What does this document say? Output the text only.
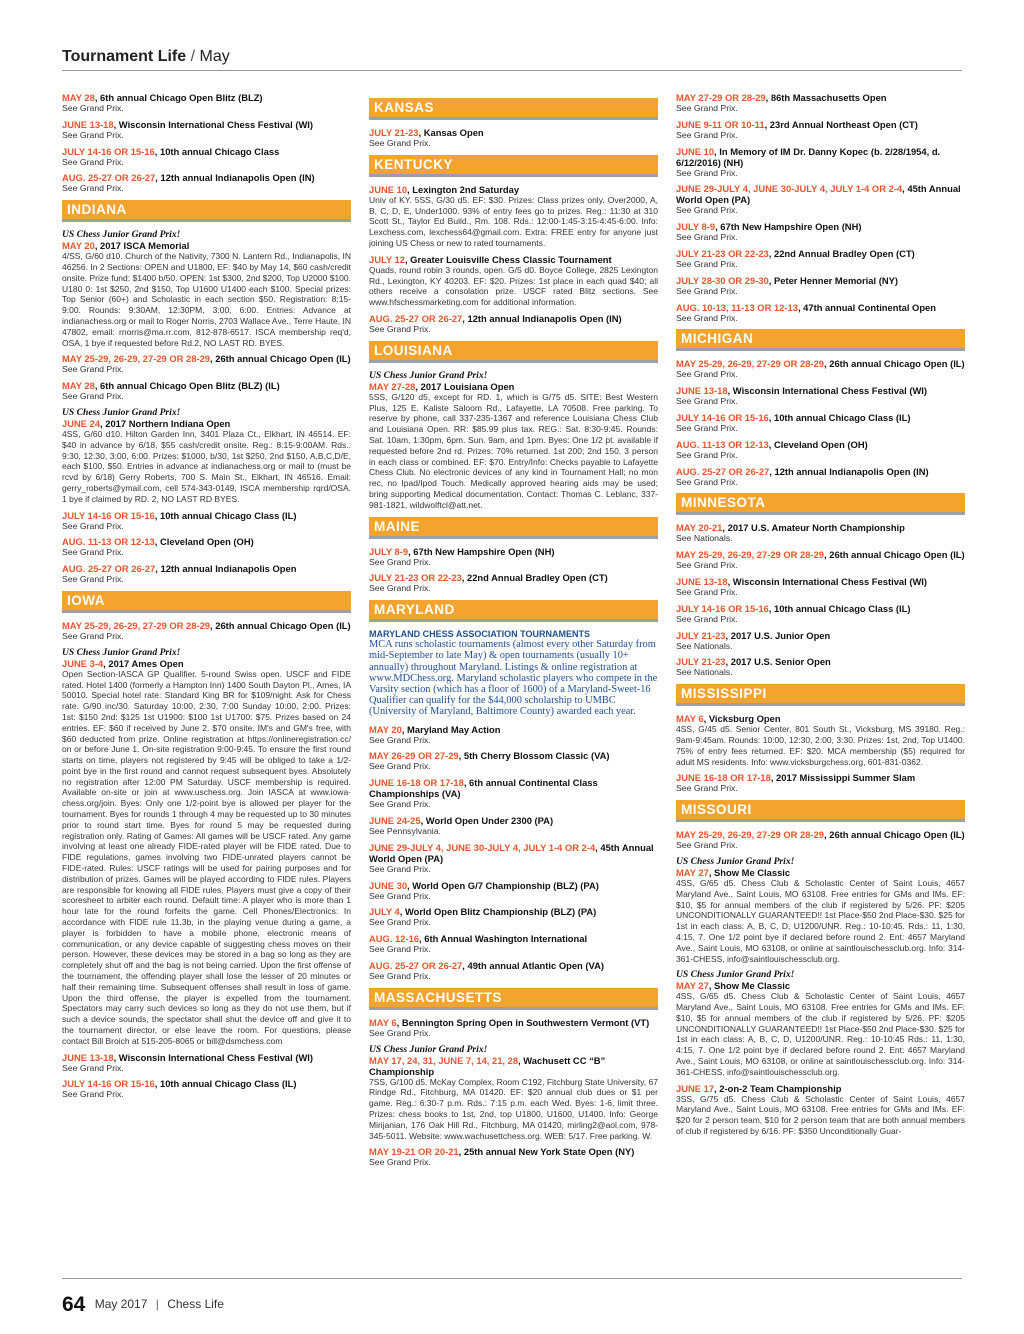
Tournament Life / May
MAY 28, 6th annual Chicago Open Blitz (BLZ)
See Grand Prix.
JUNE 13-18, Wisconsin International Chess Festival (WI)
See Grand Prix.
JULY 14-16 OR 15-16, 10th annual Chicago Class
See Grand Prix.
AUG. 25-27 OR 26-27, 12th annual Indianapolis Open (IN)
See Grand Prix.
INDIANA
US Chess Junior Grand Prix!
MAY 20, 2017 ISCA Memorial
4/SS, G/60 d10. Church of the Nativity, 7300 N. Lantern Rd., Indianapolis, IN 46256. In 2 Sections: OPEN and U1800, EF: $40 by May 14, $60 cash/credit onsite. Prize fund: $1400 b/50. OPEN: 1st $300, 2nd $200, Top U2000 $100. U180 0: 1st $250, 2nd $150, Top U1600 U1400 each $100. Special prizes: Top Senior (60+) and Scholastic in each section $50. Registration: 8:15-9:00. Rounds: 9:30AM, 12:30PM, 3:00, 6:00. Entries: Advance at indianachess.org or mail to Roger Norris, 2703 Wallace Ave., Terre Haute, IN 47802, email: rnorris@ma.rr.com, 812-878-6517. ISCA membership req'd, OSA, 1 bye if requested before Rd.2, NO LAST RD. BYES.
MAY 25-29, 26-29, 27-29 OR 28-29, 26th annual Chicago Open (IL)
See Grand Prix.
MAY 28, 6th annual Chicago Open Blitz (BLZ) (IL)
See Grand Prix.
US Chess Junior Grand Prix!
JUNE 24, 2017 Northern Indiana Open
4SS, G/60 d10. Hilton Garden Inn, 3401 Plaza Ct., Elkhart, IN 46514. EF: $40 in advance by 6/18, $55 cash/credit onsite. Reg.: 8:15-9:00AM. Rds.: 9:30, 12:30, 3:00, 6:00. Prizes: $1000, b/30, 1st $250, 2nd $150, A,B,C,D/E, each $100, $50. Entries in advance at indianachess.org or mail to (must be rcvd by 6/18) Gerry Roberts, 700 S. Main St., Elkhart, IN 46516. Email: gerry_roberts@ymail.com, cell 574-343-0149, ISCA membership rqrd/OSA. 1 bye if claimed by RD. 2, NO LAST RD BYES.
JULY 14-16 OR 15-16, 10th annual Chicago Class (IL)
See Grand Prix.
AUG. 11-13 OR 12-13, Cleveland Open (OH)
See Grand Prix.
AUG. 25-27 OR 26-27, 12th annual Indianapolis Open
See Grand Prix.
IOWA
MAY 25-29, 26-29, 27-29 OR 28-29, 26th annual Chicago Open (IL)
See Grand Prix.
US Chess Junior Grand Prix!
JUNE 3-4, 2017 Ames Open
Open Section-IASCA GP Qualifier. 5-round Swiss open. USCF and FIDE rated. Hotel 1400 (formerly a Hampton Inn) 1400 South Dayton Pl., Ames, IA 50010. Special hotel rate: Standard King BR for $109/night. Ask for Chess rate. G/90 inc/30. Saturday 10:00, 2:30, 7:00 Sunday 10:00, 2:00. Prizes: 1st: $150 2nd: $125 1st U1900: $100 1st U1700: $75. Prizes based on 24 entries. EF: $60 if received by June 2. $70 onsite. IM's and GM's free, with $60 deducted from prize. Online registration at https://onlineregistration.cc/ on or before June 1. On-site registration 9:00-9:45. To ensure the first round starts on time, players not registered by 9:45 will be obliged to take a 1/2-point bye in the first round and cannot request subsequent byes. Absolutely no registration after 12:00 PM Saturday. USCF membership is required. Available on-site or join at www.uschess.org. Join IASCA at www.iowa-chess.org/join. Byes: Only one 1/2-point bye is allowed per player for the tournament. Byes for rounds 1 through 4 may be requested up to 30 minutes prior to round start time. Byes for round 5 may be requested during registration only. Rating of Games: All games will be USCF rated. Any game involving at least one already FIDE-rated player will be FIDE rated. Due to FIDE regulations, games involving two FIDE-unrated players cannot be FIDE-rated. Rules: USCF ratings will be used for pairing purposes and for distribution of prizes. Games will be played according to FIDE rules. Players are responsible for knowing all FIDE rules. Players must give a copy of their scoresheet to arbiter each round. Default time: A player who is more than 1 hour late for the round forfeits the game. Cell Phones/Electronics: In accordance with FIDE rule 11.3b, in the playing venue during a game, a player is forbidden to have a mobile phone, electronic means of communication, or any device capable of suggesting chess moves on their person. However, these devices may be stored in a bag so long as they are completely shut off and the bag is not being carried. Upon the first offense of the tournament, the offending player shall lose the lesser of 20 minutes or half their remaining time. Subsequent offenses shall result in loss of game. Upon the third offense, the player is expelled from the tournament. Spectators may carry such devices so long as they do not use them, but if such a device sounds, the spectator shall shut the device off and give it to the tournament director, or else leave the room. For questions, please contact Bill Broich at 515-205-8065 or bill@dsmchess.com
JUNE 13-18, Wisconsin International Chess Festival (WI)
See Grand Prix.
JULY 14-16 OR 15-16, 10th annual Chicago Class (IL)
See Grand Prix.
KANSAS
JULY 21-23, Kansas Open
See Grand Prix.
KENTUCKY
JUNE 10, Lexington 2nd Saturday
Univ of KY. 5SS, G/30 d5. EF: $30. Prizes: Class prizes only. Over2000, A, B, C, D, E, Under1000. 93% of entry fees go to prizes. Reg.: 11:30 at 310 Scott St., Taylor Ed Build., Rm. 108. Rds.: 12:00-1:45-3:15-4:45-6:00. Info: Lexchess.com, lexchess64@gmail.com. Extra: FREE entry for anyone just joining US Chess or new to rated tournaments.
JULY 12, Greater Louisville Chess Classic Tournament
Quads, round robin 3 rounds, open. G/5 d0. Boyce College, 2825 Lexington Rd., Lexington, KY 40203. EF: $20. Prizes: 1st place in each quad $40; all others receive a consolation prize. USCF rated Blitz sections. See www.hfschessmarketing.com for additional information.
AUG. 25-27 OR 26-27, 12th annual Indianapolis Open (IN)
See Grand Prix.
LOUISIANA
US Chess Junior Grand Prix!
MAY 27-28, 2017 Louisiana Open
5SS, G/120 d5, except for RD. 1, which is G/75 d5. SITE: Best Western Plus, 125 E. Kaliste Saloom Rd., Lafayette, LA 70508. Free parking. To reserve by phone, call 337-235-1367 and reference Louisiana Chess Club and Louisiana Open. RR: $85.99 plus tax. REG.: Sat. 8:30-9:45. Rounds: Sat. 10am, 1:30pm, 6pm. Sun. 9am, and 1pm. Byes: One 1/2 pt. available if requested before 2nd rd. Prizes: 70% returned. 1st 200; 2nd 150. 3 person in each class or combined. EF: $70. Entry/Info: Checks payable to Lafayette Chess Club. No electronic devices of any kind in Tournament Hall; no mon rec, no Ipad/Ipod Touch. Medically approved hearing aids may be used; bring supporting Medical documentation. Contact: Thomas C. Leblanc, 337-981-1821, wildwolftcl@att.net.
MAINE
JULY 8-9, 67th New Hampshire Open (NH)
See Grand Prix.
JULY 21-23 OR 22-23, 22nd Annual Bradley Open (CT)
See Grand Prix.
MARYLAND
MARYLAND CHESS ASSOCIATION TOURNAMENTS
MCA runs scholastic tournaments (almost every other Saturday from mid-September to late May) & open tournaments (usually 10+ annually) throughout Maryland. Listings & online registration at www.MDChess.org. Maryland scholastic players who compete in the Varsity section (which has a floor of 1600) of a Maryland-Sweet-16 Qualifier can qualify for the $44,000 scholarship to UMBC (University of Maryland, Baltimore County) awarded each year.
MAY 20, Maryland May Action
See Grand Prix.
MAY 26-29 OR 27-29, 5th Cherry Blossom Classic (VA)
See Grand Prix.
JUNE 16-18 OR 17-18, 6th annual Continental Class Championships (VA)
See Grand Prix.
JUNE 24-25, World Open Under 2300 (PA)
See Pennsylvania.
JUNE 29-JULY 4, JUNE 30-JULY 4, JULY 1-4 OR 2-4, 45th Annual World Open (PA)
See Grand Prix.
JUNE 30, World Open G/7 Championship (BLZ) (PA)
See Grand Prix.
JULY 4, World Open Blitz Championship (BLZ) (PA)
See Grand Prix.
AUG. 12-16, 6th Annual Washington International
See Grand Prix.
AUG. 25-27 OR 26-27, 49th annual Atlantic Open (VA)
See Grand Prix.
MASSACHUSETTS
MAY 6, Bennington Spring Open in Southwestern Vermont (VT)
See Grand Prix.
US Chess Junior Grand Prix!
MAY 17, 24, 31, JUNE 7, 14, 21, 28, Wachusett CC “B” Championship
7SS, G/100 d5. McKay Complex, Room C192, Fitchburg State University, 67 Rindge Rd., Fitchburg, MA 01420. EF: $20 annual club dues or $1 per game. Reg.: 6:30-7 p.m. Rds.: 7:15 p.m. each Wed. Byes: 1-6, limit three. Prizes: chess books to 1st, 2nd, top U1800, U1600, U1400. Info: George Mirijanian, 176 Oak Hill Rd., Fitchburg, MA 01420, mirling2@aol.com, 978-345-5011. Website: www.wachusettchess.org. WEB: 5/17. Free parking. W.
MAY 19-21 OR 20-21, 25th annual New York State Open (NY)
See Grand Prix.
MAY 27-29 OR 28-29, 86th Massachusetts Open
See Grand Prix.
JUNE 9-11 OR 10-11, 23rd Annual Northeast Open (CT)
See Grand Prix.
JUNE 10, In Memory of IM Dr. Danny Kopec (b. 2/28/1954, d. 6/12/2016) (NH)
See Grand Prix.
JUNE 29-JULY 4, JUNE 30-JULY 4, JULY 1-4 OR 2-4, 45th Annual World Open (PA)
See Grand Prix.
JULY 8-9, 67th New Hampshire Open (NH)
See Grand Prix.
JULY 21-23 OR 22-23, 22nd Annual Bradley Open (CT)
See Grand Prix.
JULY 28-30 OR 29-30, Peter Henner Memorial (NY)
See Grand Prix.
AUG. 10-13, 11-13 OR 12-13, 47th annual Continental Open
See Grand Prix.
MICHIGAN
MAY 25-29, 26-29, 27-29 OR 28-29, 26th annual Chicago Open (IL)
See Grand Prix.
JUNE 13-18, Wisconsin International Chess Festival (WI)
See Grand Prix.
JULY 14-16 OR 15-16, 10th annual Chicago Class (IL)
See Grand Prix.
AUG. 11-13 OR 12-13, Cleveland Open (OH)
See Grand Prix.
AUG. 25-27 OR 26-27, 12th annual Indianapolis Open (IN)
See Grand Prix.
MINNESOTA
MAY 20-21, 2017 U.S. Amateur North Championship
See Nationals.
MAY 25-29, 26-29, 27-29 OR 28-29, 26th annual Chicago Open (IL)
See Grand Prix.
JUNE 13-18, Wisconsin International Chess Festival (WI)
See Grand Prix.
JULY 14-16 OR 15-16, 10th annual Chicago Class (IL)
See Grand Prix.
JULY 21-23, 2017 U.S. Junior Open
See Nationals.
JULY 21-23, 2017 U.S. Senior Open
See Nationals.
MISSISSIPPI
MAY 6, Vicksburg Open
4SS, G/45 d5. Senior Center, 801 South St., Vicksburg, MS 39180. Reg.: 9am-9:45am. Rounds: 10:00, 12:30, 2:00, 3:30. Prizes: 1st, 2nd, Top U1400. 75% of entry fees returned. EF: $20. MCA membership ($5) required for adult MS residents. Info: www.vicksburgchess.org, 601-831-0362.
JUNE 16-18 OR 17-18, 2017 Mississippi Summer Slam
See Grand Prix.
MISSOURI
MAY 25-29, 26-29, 27-29 OR 28-29, 26th annual Chicago Open (IL)
See Grand Prix.
US Chess Junior Grand Prix!
MAY 27, Show Me Classic
4SS, G/65 d5. Chess Club & Scholastic Center of Saint Louis, 4657 Maryland Ave., Saint Louis, MO 63108. Free entries for GMs and IMs. EF: $10, $5 for annual members of the club if registered by 5/26. PF: $205 UNCONDITIONALLY GUARANTEED!! 1st Place-$50 2nd Place-$30. $25 for 1st in each class: A, B, C, D, U1200/UNR. Reg.: 10-10:45. Rds.: 11, 1:30, 4:15, 7. One 1/2 point bye if declared before round 2. Ent: 4657 Maryland Ave., Saint Louis, MO 63108, or online at saintlouischessclub.org. Info: 314-361-CHESS, info@saintlouischessclub.org.
US Chess Junior Grand Prix!
MAY 27, Show Me Classic
4SS, G/65 d5. Chess Club & Scholastic Center of Saint Louis, 4657 Maryland Ave., Saint Louis, MO 63108. Free entries for GMs and IMs. EF: $10, $5 for annual members of the club if registered by 5/26. PF: $205 UNCONDITIONALLY GUARANTEED!! 1st Place-$50 2nd Place-$30. $25 for 1st in each class: A, B, C, D, U1200/UNR. Reg.: 10-10:45 Rds.: 11, 1:30, 4:15, 7. One 1/2 point bye if declared before round 2. Ent: 4657 Maryland Ave., Saint Louis, MO 63108, or online at saintlouischessclub.org. Info: 314-361-CHESS, info@saintlouischessclub.org.
JUNE 17, 2-on-2 Team Championship
3SS, G/75 d5. Chess Club & Scholastic Center of Saint Louis, 4657 Maryland Ave., Saint Louis, MO 63108. Free entries for GMs and IMs. EF: $20 for 2 person team, $10 for 2 person team that are both annual members of club if registered by 6/16. PF: $350 Unconditionally Guar-
64 May 2017 | Chess Life
